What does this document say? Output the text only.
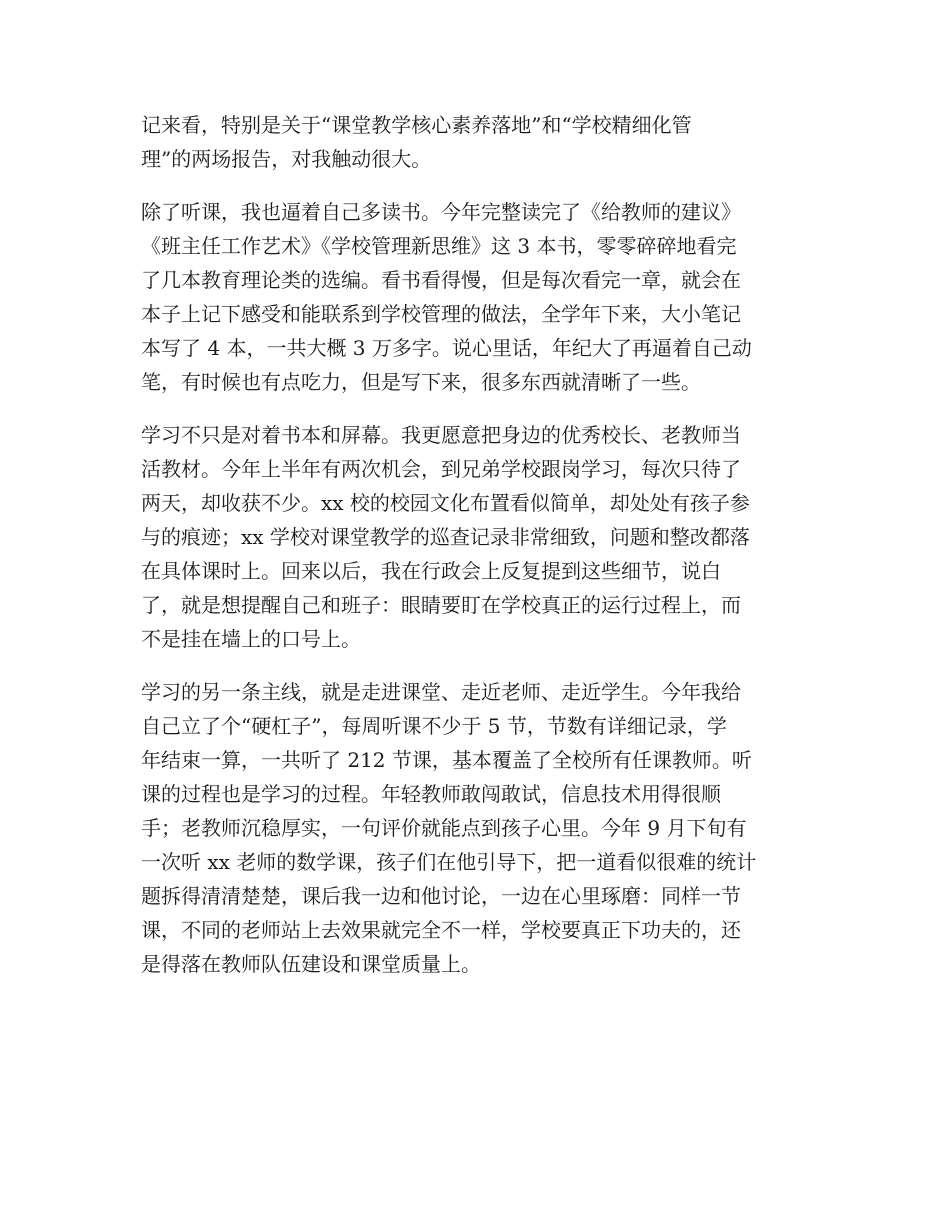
记来看，特别是关于“课堂教学核心素养落地”和“学校精细化管
理”的两场报告，对我触动很大。
除了听课，我也逼着自己多读书。今年完整读完了《给教师的建议》
《班主任工作艺术》《学校管理新思维》这 3 本书，零零碎碎地看完
了几本教育理论类的选编。看书看得慢，但是每次看完一章，就会在
本子上记下感受和能联系到学校管理的做法，全学年下来，大小笔记
本写了 4 本，一共大概 3 万多字。说心里话，年纪大了再逼着自己动
笔，有时候也有点吃力，但是写下来，很多东西就清晰了一些。
学习不只是对着书本和屏幕。我更愿意把身边的优秀校长、老教师当
活教材。今年上半年有两次机会，到兄弟学校跟岗学习，每次只待了
两天，却收获不少。xx 校的校园文化布置看似简单，却处处有孩子参
与的痕迹；xx 学校对课堂教学的巡查记录非常细致，问题和整改都落
在具体课时上。回来以后，我在行政会上反复提到这些细节，说白
了，就是想提醒自己和班子：眼睛要盯在学校真正的运行过程上，而
不是挂在墙上的口号上。
学习的另一条主线，就是走进课堂、走近老师、走近学生。今年我给
自己立了个“硬杠子”，每周听课不少于 5 节，节数有详细记录，学
年结束一算，一共听了 212 节课，基本覆盖了全校所有任课教师。听
课的过程也是学习的过程。年轻教师敢闯敢试，信息技术用得很顺
手；老教师沉稳厚实，一句评价就能点到孩子心里。今年 9 月下旬有
一次听 xx 老师的数学课，孩子们在他引导下，把一道看似很难的统计
题拆得清清楚楚，课后我一边和他讨论，一边在心里琢磨：同样一节
课，不同的老师站上去效果就完全不一样，学校要真正下功夫的，还
是得落在教师队伍建设和课堂质量上。
